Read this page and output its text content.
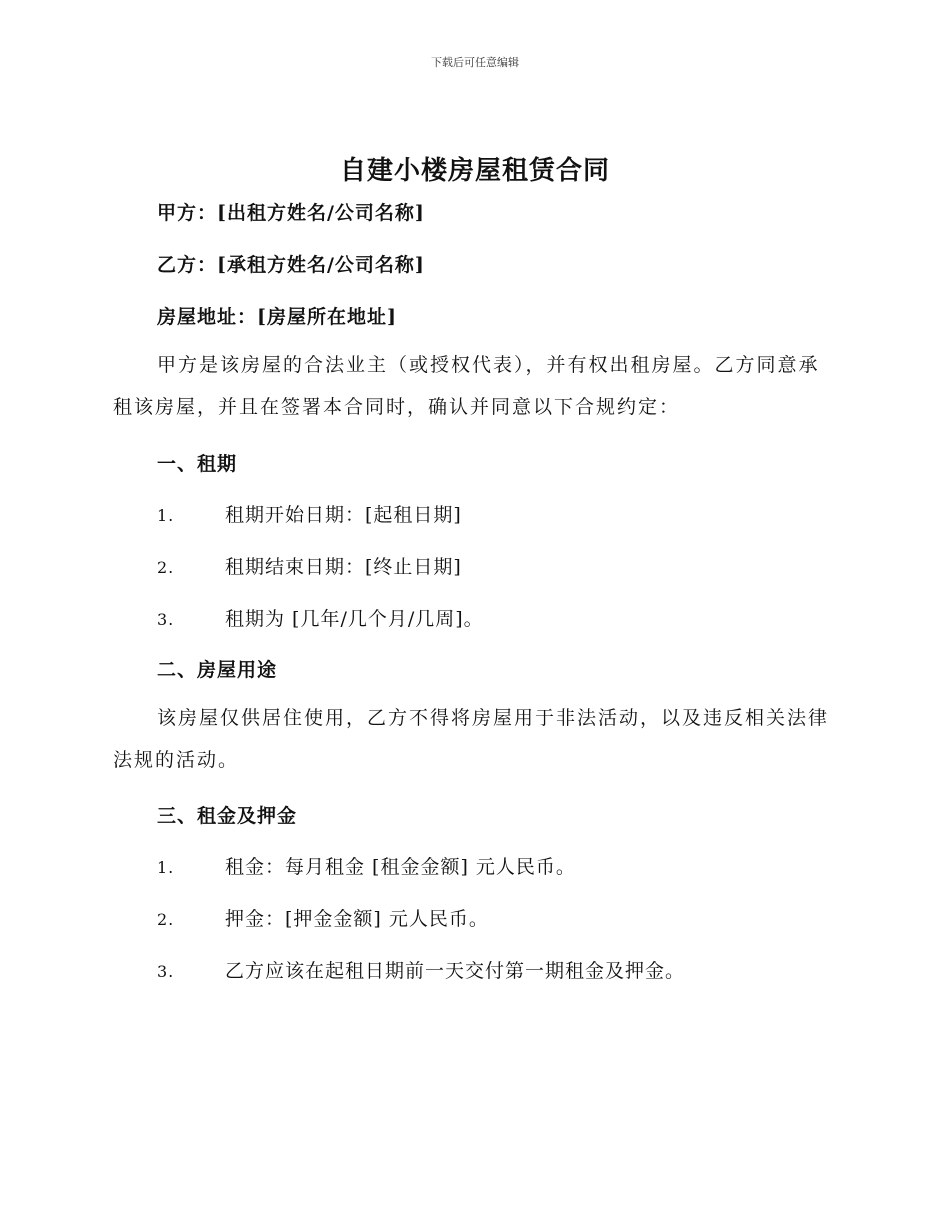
下载后可任意编辑
自建小楼房屋租赁合同
甲方：[出租方姓名/公司名称]
乙方：[承租方姓名/公司名称]
房屋地址：[房屋所在地址]
甲方是该房屋的合法业主（或授权代表），并有权出租房屋。乙方同意承租该房屋，并且在签署本合同时，确认并同意以下合规约定：
一、租期
1.	租期开始日期：[起租日期]
2.	租期结束日期：[终止日期]
3.	租期为 [几年/几个月/几周]。
二、房屋用途
该房屋仅供居住使用，乙方不得将房屋用于非法活动，以及违反相关法律法规的活动。
三、租金及押金
1.	租金：每月租金 [租金金额] 元人民币。
2.	押金：[押金金额] 元人民币。
3.	乙方应该在起租日期前一天交付第一期租金及押金。
